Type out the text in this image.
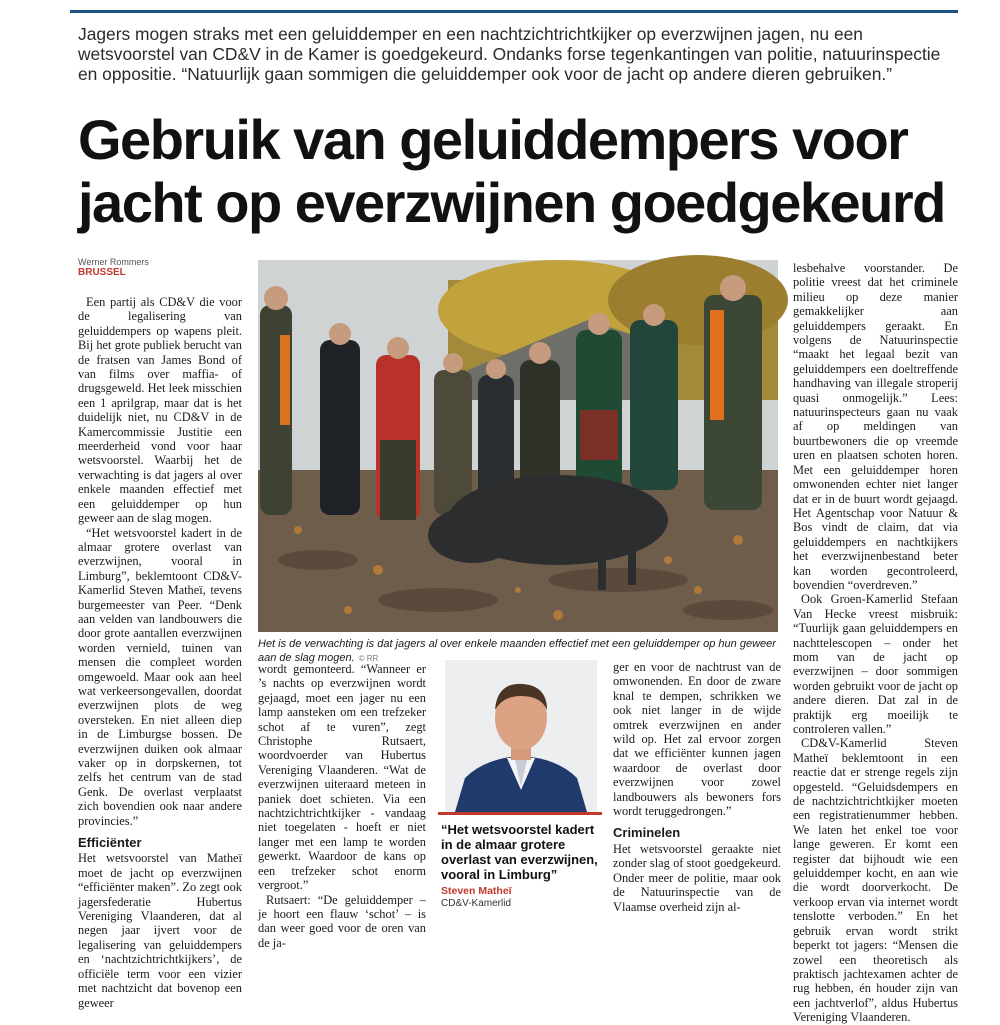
Jagers mogen straks met een geluiddemper en een nachtzichtrichtkijker op everzwijnen jagen, nu een wetsvoorstel van CD&V in de Kamer is goedgekeurd. Ondanks forse tegenkantingen van politie, natuurinspectie en oppositie. “Natuurlijk gaan sommigen die geluiddemper ook voor de jacht op andere dieren gebruiken.”
Gebruik van geluiddempers voor jacht op everzwijnen goedgekeurd
Werner Rommers
BRUSSEL

Een partij als CD&V die voor de legalisering van geluiddempers op wapens pleit. Bij het grote publiek berucht van de fratsen van James Bond of van films over maffia- of drugsgeweld. Het leek misschien een 1 aprilgrap, maar dat is het duidelijk niet, nu CD&V in de Kamercommissie Justitie een meerderheid vond voor haar wetsvoorstel. Waarbij het de verwachting is dat jagers al over enkele maanden effectief met een geluiddemper op hun geweer aan de slag mogen.

“Het wetsvoorstel kadert in de almaar grotere overlast van everzwijnen, vooral in Limburg”, beklemtoont CD&V-Kamerlid Steven Matheï, tevens burgemeester van Peer. “Denk aan velden van landbouwers die door grote aantallen everzwijnen worden vernield, tuinen van mensen die compleet worden omgewoeld. Maar ook aan heel wat verkeersongevallen, doordat everzwijnen plots de weg oversteken. En niet alleen diep in de Limburgse bossen. De everzwijnen duiken ook almaar vaker op in dorpskernen, tot zelfs het centrum van de stad Genk. De overlast verplaatst zich bovendien ook naar andere provincies.”

Efficiënter

Het wetsvoorstel van Matheï moet de jacht op everzwijnen “efficiënter maken”. Zo zegt ook jagersfederatie Hubertus Vereniging Vlaanderen, dat al negen jaar ijvert voor de legalisering van geluiddempers en ‘nachtzichtrichtkijkers’, de officiële term voor een vizier met nachtzicht dat bovenop een geweer

Het is de verwachting is dat jagers al over enkele maanden effectief met een geluiddemper op hun geweer aan de slag mogen. © RR

wordt gemonteerd. “Wanneer er ’s nachts op everzwijnen wordt gejaagd, moet een jager nu een lamp aansteken om een trefzeker schot af te vuren”, zegt Christophe Rutsaert, woordvoerder van Hubertus Vereniging Vlaanderen. “Wat de everzwijnen uiteraard meteen in paniek doet schieten. Via een nachtzichtrichtkijker - vandaag niet toegelaten - hoeft er niet langer met een lamp te worden gewerkt. Waardoor de kans op een trefzeker schot enorm vergroot.”

Rutsaert: “De geluiddemper – je hoort een flauw ‘schot’ – is dan weer goed voor de oren van de ja-

“Het wetsvoorstel kadert in de almaar grotere overlast van everzwijnen, vooral in Limburg”
Steven Matheï
CD&V-Kamerlid

ger en voor de nachtrust van de omwonenden. En door de zware knal te dempen, schrikken we ook niet langer in de wijde omtrek everzwijnen en ander wild op. Het zal ervoor zorgen dat we efficiënter kunnen jagen waardoor de overlast door everzwijnen voor zowel landbouwers als bewoners fors wordt teruggedrongen.”

Criminelen

Het wetsvoorstel geraakte niet zonder slag of stoot goedgekeurd. Onder meer de politie, maar ook de Natuurinspectie van de Vlaamse overheid zijn al-

lesbehalve voorstander. De politie vreest dat het criminele milieu op deze manier gemakkelijker aan geluiddempers geraakt. En volgens de Natuurinspectie “maakt het legaal bezit van geluiddempers een doeltreffende handhaving van illegale stroperij quasi onmogelijk.” Lees: natuurinspecteurs gaan nu vaak af op meldingen van buurtbewoners die op vreemde uren en plaatsen schoten horen. Met een geluiddemper horen omwonenden echter niet langer dat er in de buurt wordt gejaagd. Het Agentschap voor Natuur & Bos vindt de claim, dat via geluiddempers en nachtkijkers het everzwijnenbestand beter kan worden gecontroleerd, bovendien “overdreven.”

Ook Groen-Kamerlid Stefaan Van Hecke vreest misbruik: “Tuurlijk gaan geluiddempers en nachttelescopen – onder het mom van de jacht op everzwijnen – door sommigen worden gebruikt voor de jacht op andere dieren. Dat zal in de praktijk erg moeilijk te controleren vallen.”

CD&V-Kamerlid Steven Matheï beklemtoont in een reactie dat er strenge regels zijn opgesteld. “Geluidsdempers en de nachtzichtrichtkijker moeten een registratienummer hebben. We laten het enkel toe voor lange geweren. Er komt een register dat bijhoudt wie een geluiddemper kocht, en aan wie die wordt doorverkocht. De verkoop ervan via internet wordt tenslotte verboden.” En het gebruik ervan wordt strikt beperkt tot jagers: “Mensen die zowel een theoretisch als praktisch jachtexamen achter de rug hebben, én houder zijn van een jachtverlof”, aldus Hubertus Vereniging Vlaanderen.
